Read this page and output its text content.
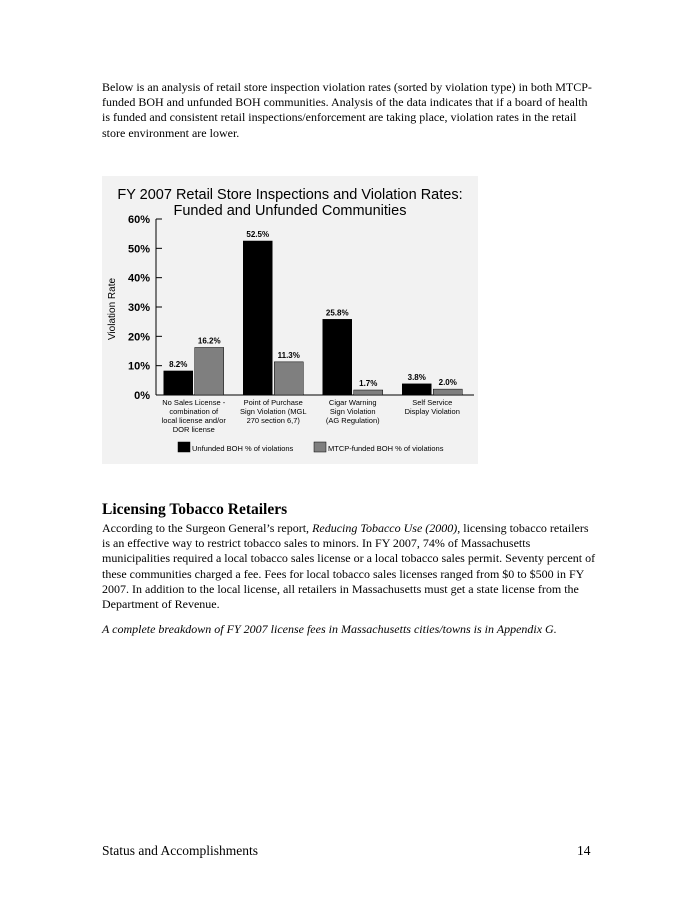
Below is an analysis of retail store inspection violation rates (sorted by violation type) in both MTCP-funded BOH and unfunded BOH communities. Analysis of the data indicates that if a board of health is funded and consistent retail inspections/enforcement are taking place, violation rates in the retail store environment are lower.

FY 2007 Retail Store Inspections and Violation Rates:
Funded and Unfunded Communities
Violation Rate
0%
10%
20%
30%
40%
50%
60%
8.2%
16.2%
No Sales License -
combination of
local license and/or
DOR license
52.5%
11.3%
Point of Purchase
Sign Violation (MGL
270 section 6,7)
25.8%
1.7%
Cigar Warning
Sign Violation
(AG Regulation)
3.8%
2.0%
Self Service
Display Violation
Unfunded BOH % of violations	MTCP-funded BOH % of violations
Licensing Tobacco Retailers

According to the Surgeon General’s report, Reducing Tobacco Use (2000), licensing tobacco retailers is an effective way to restrict tobacco sales to minors. In FY 2007, 74% of Massachusetts municipalities required a local tobacco sales license or a local tobacco sales permit. Seventy percent of these communities charged a fee. Fees for local tobacco sales licenses ranged from $0 to $500 in FY 2007. In addition to the local license, all retailers in Massachusetts must get a state license from the Department of Revenue.

A complete breakdown of FY 2007 license fees in Massachusetts cities/towns is in Appendix G.

Status and Accomplishments	14
